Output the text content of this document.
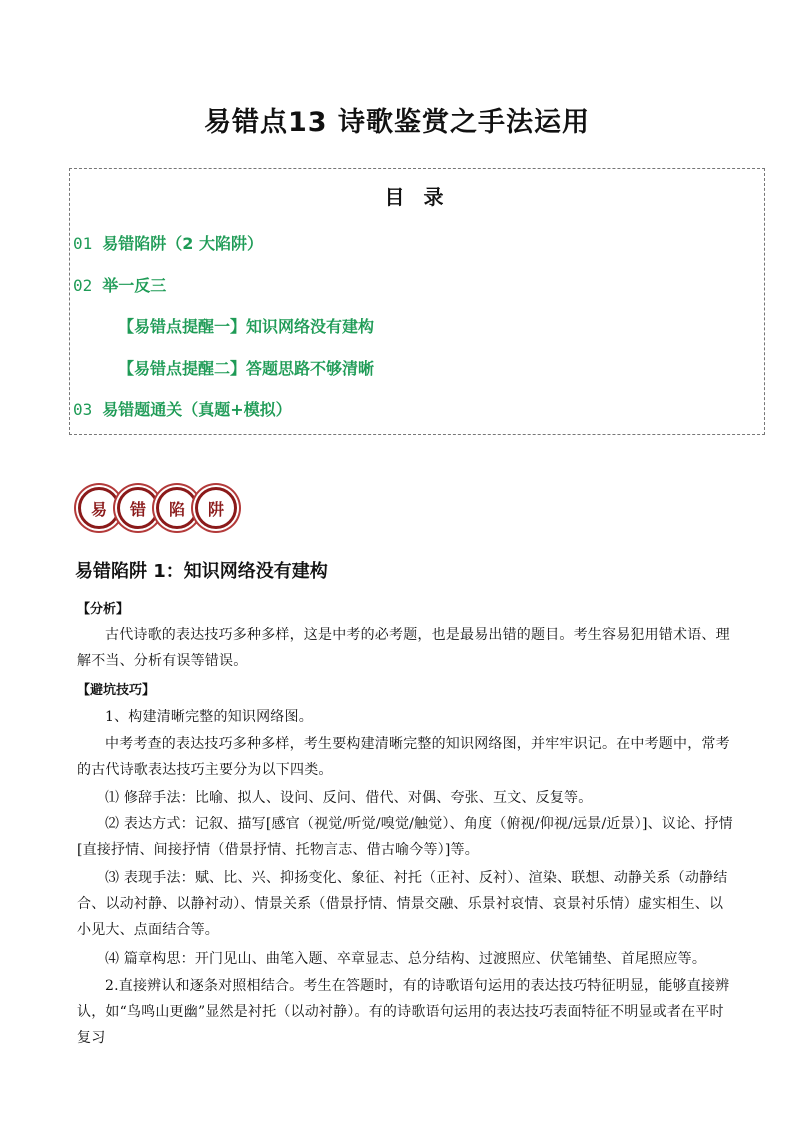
易错点13 诗歌鉴赏之手法运用
目 录
01 易错陷阱（2 大陷阱）
02 举一反三
【易错点提醒一】知识网络没有建构
【易错点提醒二】答题思路不够清晰
03 易错题通关（真题+模拟）
易	错	陷	阱
易错陷阱 1：知识网络没有建构
【分析】

古代诗歌的表达技巧多种多样，这是中考的必考题，也是最易出错的题目。考生容易犯用错术语、理解不当、分析有误等错误。

【避坑技巧】

1、构建清晰完整的知识网络图。

中考考查的表达技巧多种多样，考生要构建清晰完整的知识网络图，并牢牢识记。在中考题中，常考的古代诗歌表达技巧主要分为以下四类。

⑴ 修辞手法：比喻、拟人、设问、反问、借代、对偶、夸张、互文、反复等。

⑵ 表达方式：记叙、描写[感官（视觉/听觉/嗅觉/触觉）、角度（俯视/仰视/远景/近景）]、议论、抒情[直接抒情、间接抒情（借景抒情、托物言志、借古喻今等）]等。

⑶ 表现手法：赋、比、兴、抑扬变化、象征、衬托（正衬、反衬）、渲染、联想、动静关系（动静结合、以动衬静、以静衬动）、情景关系（借景抒情、情景交融、乐景衬哀情、哀景衬乐情）虚实相生、以小见大、点面结合等。

⑷ 篇章构思：开门见山、曲笔入题、卒章显志、总分结构、过渡照应、伏笔铺垫、首尾照应等。

2.直接辨认和逐条对照相结合。考生在答题时，有的诗歌语句运用的表达技巧特征明显，能够直接辨认，如“鸟鸣山更幽”显然是衬托（以动衬静）。有的诗歌语句运用的表达技巧表面特征不明显或者在平时复习
